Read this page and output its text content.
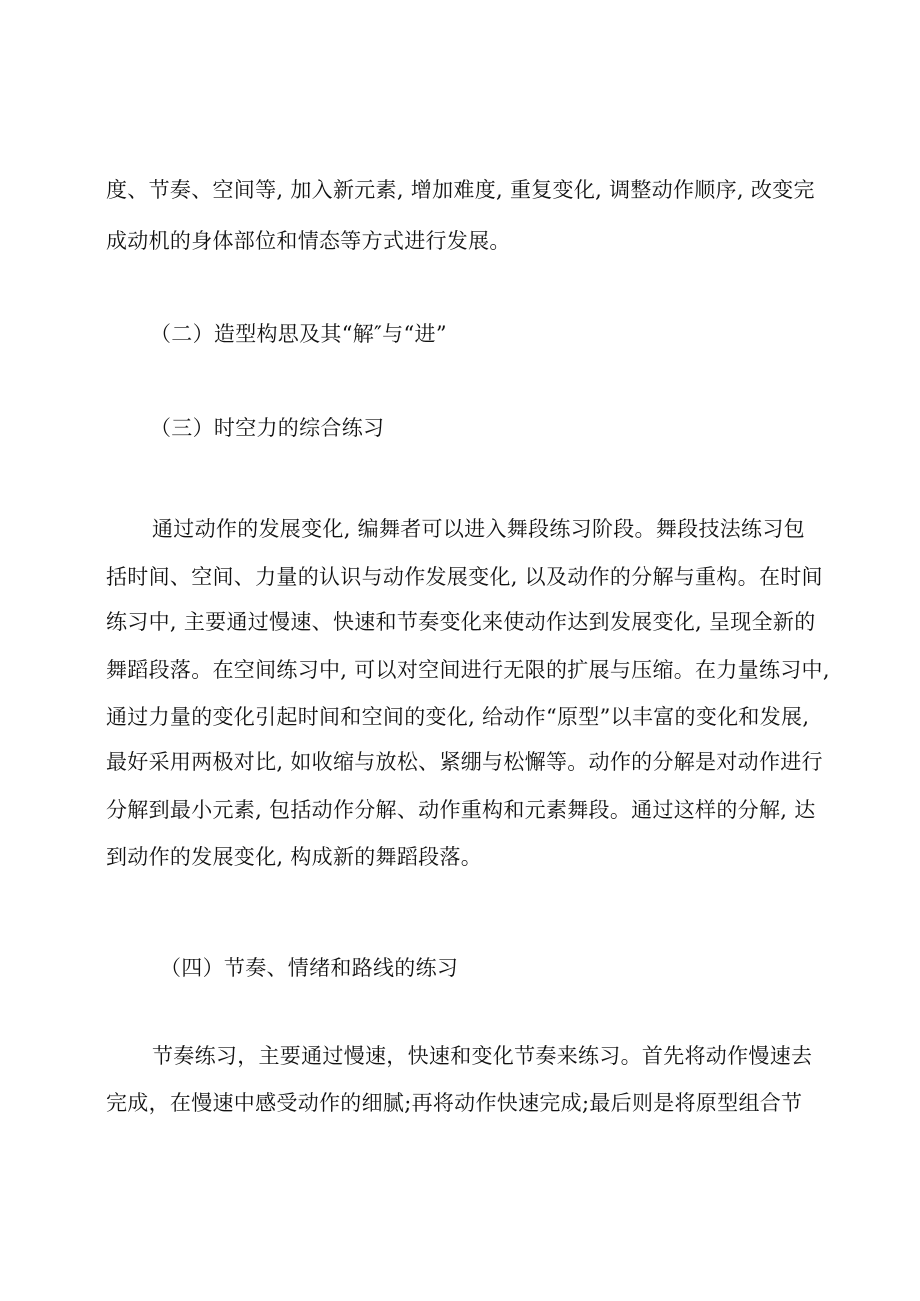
度、节奏、空间等, 加入新元素, 增加难度, 重复变化, 调整动作顺序, 改变完
成动机的身体部位和情态等方式进行发展。
（二）造型构思及其“解″与“进”
（三）时空力的综合练习
通过动作的发展变化, 编舞者可以进入舞段练习阶段。舞段技法练习包
括时间、空间、力量的认识与动作发展变化, 以及动作的分解与重构。在时间
练习中, 主要通过慢速、快速和节奏变化来使动作达到发展变化, 呈现全新的
舞蹈段落。在空间练习中, 可以对空间进行无限的扩展与压缩。在力量练习中,
通过力量的变化引起时间和空间的变化, 给动作“原型”以丰富的变化和发展,
最好采用两极对比, 如收缩与放松、紧绷与松懈等。动作的分解是对动作进行
分解到最小元素, 包括动作分解、动作重构和元素舞段。通过这样的分解, 达
到动作的发展变化, 构成新的舞蹈段落。
（四）节奏、情绪和路线的练习
节奏练习，主要通过慢速，快速和变化节奏来练习。首先将动作慢速去
完成，在慢速中感受动作的细腻;再将动作快速完成;最后则是将原型组合节
